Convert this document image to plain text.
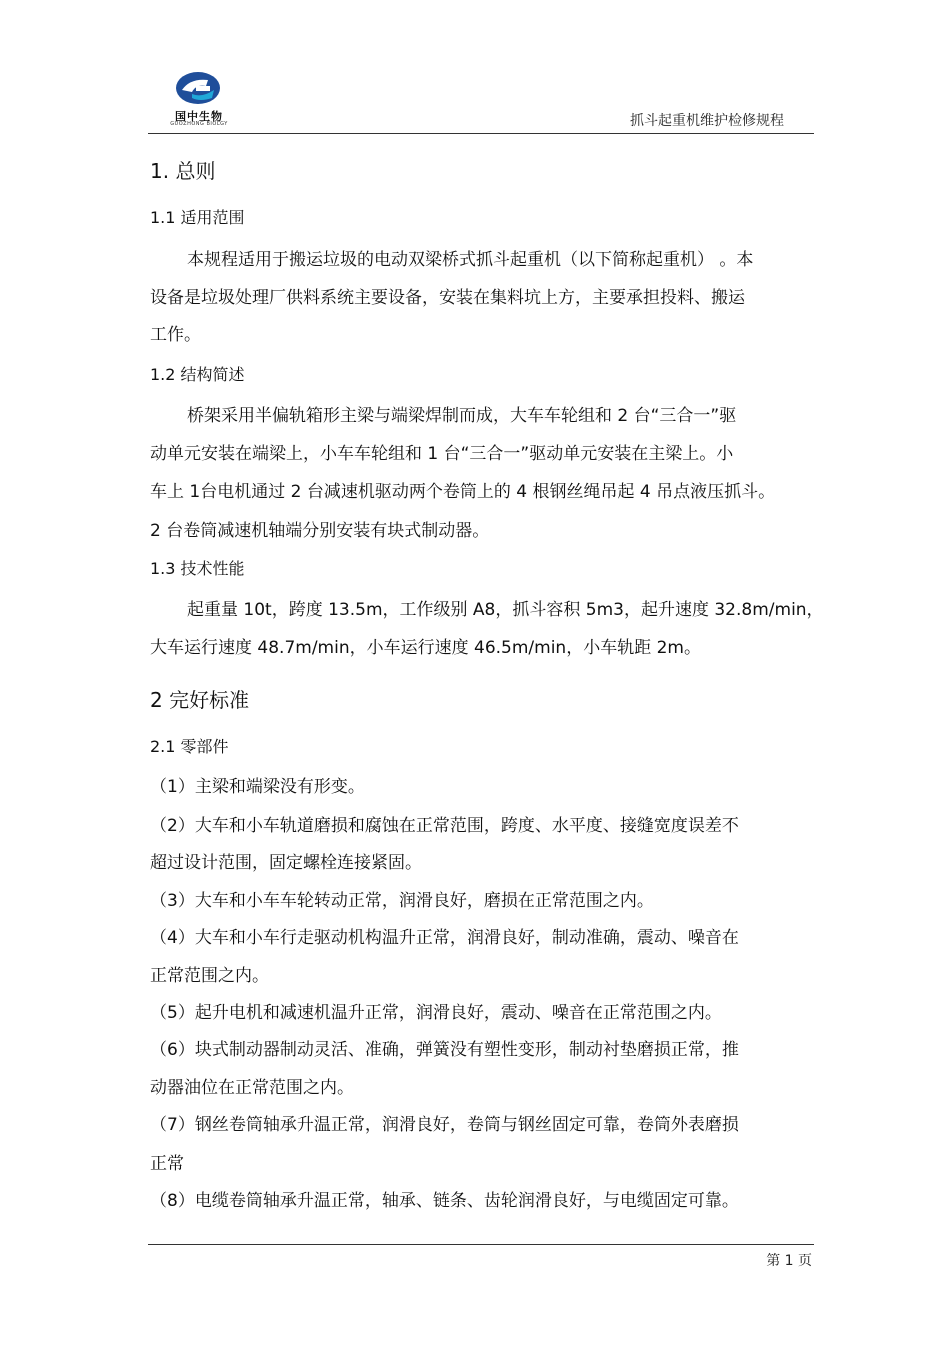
国中生物
GUOZHONG BIOLGY	抓斗起重机维护检修规程
1. 总则
1.1 适用范围
本规程适用于搬运垃圾的电动双梁桥式抓斗起重机（以下简称起重机） 。本
设备是垃圾处理厂供料系统主要设备，安装在集料坑上方，主要承担投料、搬运
工作。
1.2 结构简述
桥架采用半偏轨箱形主梁与端梁焊制而成，大车车轮组和 2 台“三合一”驱
动单元安装在端梁上，小车车轮组和 1 台“三合一”驱动单元安装在主梁上。小
车上 1台电机通过 2 台减速机驱动两个卷筒上的 4 根钢丝绳吊起 4 吊点液压抓斗。
2 台卷筒减速机轴端分别安装有块式制动器。
1.3 技术性能
起重量 10t，跨度 13.5m，工作级别 A8，抓斗容积 5m3，起升速度 32.8m/min，
大车运行速度 48.7m/min，小车运行速度 46.5m/min，小车轨距 2m。
2 完好标准
2.1 零部件
（1）主梁和端梁没有形变。
（2）大车和小车轨道磨损和腐蚀在正常范围，跨度、水平度、接缝宽度误差不
超过设计范围，固定螺栓连接紧固。
（3）大车和小车车轮转动正常，润滑良好，磨损在正常范围之内。
（4）大车和小车行走驱动机构温升正常，润滑良好，制动准确，震动、噪音在
正常范围之内。
（5）起升电机和减速机温升正常，润滑良好，震动、噪音在正常范围之内。
（6）块式制动器制动灵活、准确，弹簧没有塑性变形，制动衬垫磨损正常，推
动器油位在正常范围之内。
（7）钢丝卷筒轴承升温正常，润滑良好，卷筒与钢丝固定可靠，卷筒外表磨损
正常
（8）电缆卷筒轴承升温正常，轴承、链条、齿轮润滑良好，与电缆固定可靠。
第 1 页
